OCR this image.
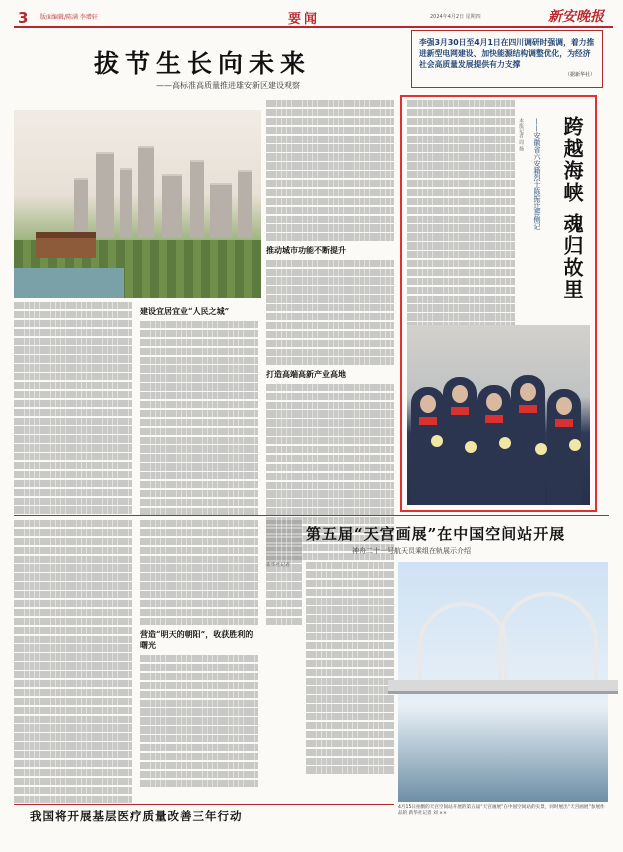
3 版面编辑/陈满 李增轩	要闻	2024年4月2日 星期四	新安晚报
拔节生长向未来
——高标准高质量推进雄安新区建设观察
建设宜居宜业“人民之城”
推动城市功能不断提升
打造高端高新产业高地
新华社记者
李强3月30日至4月1日在四川调研时强调，着力推进新型电网建设、加快能源结构调整优化，为经济社会高质量发展提供有力支撑
（据新华社）
跨越海峡 魂归故里
——安徽省六安籍烈士陈振迁葬侧记
本报记者 周 扬
营造“明天的朝阳”，收获胜利的曙光
第五届“天宫画展”在中国空间站开展
神舟二十一号航天员乘组在轨展示介绍
4月15日拍摄的天宫空间站开展的第五届“天宫画展”在中国空间站的实景，同时展出“天宫画展”参展作品的 新华社记者 刘 ××
我国将开展基层医疗质量改善三年行动
